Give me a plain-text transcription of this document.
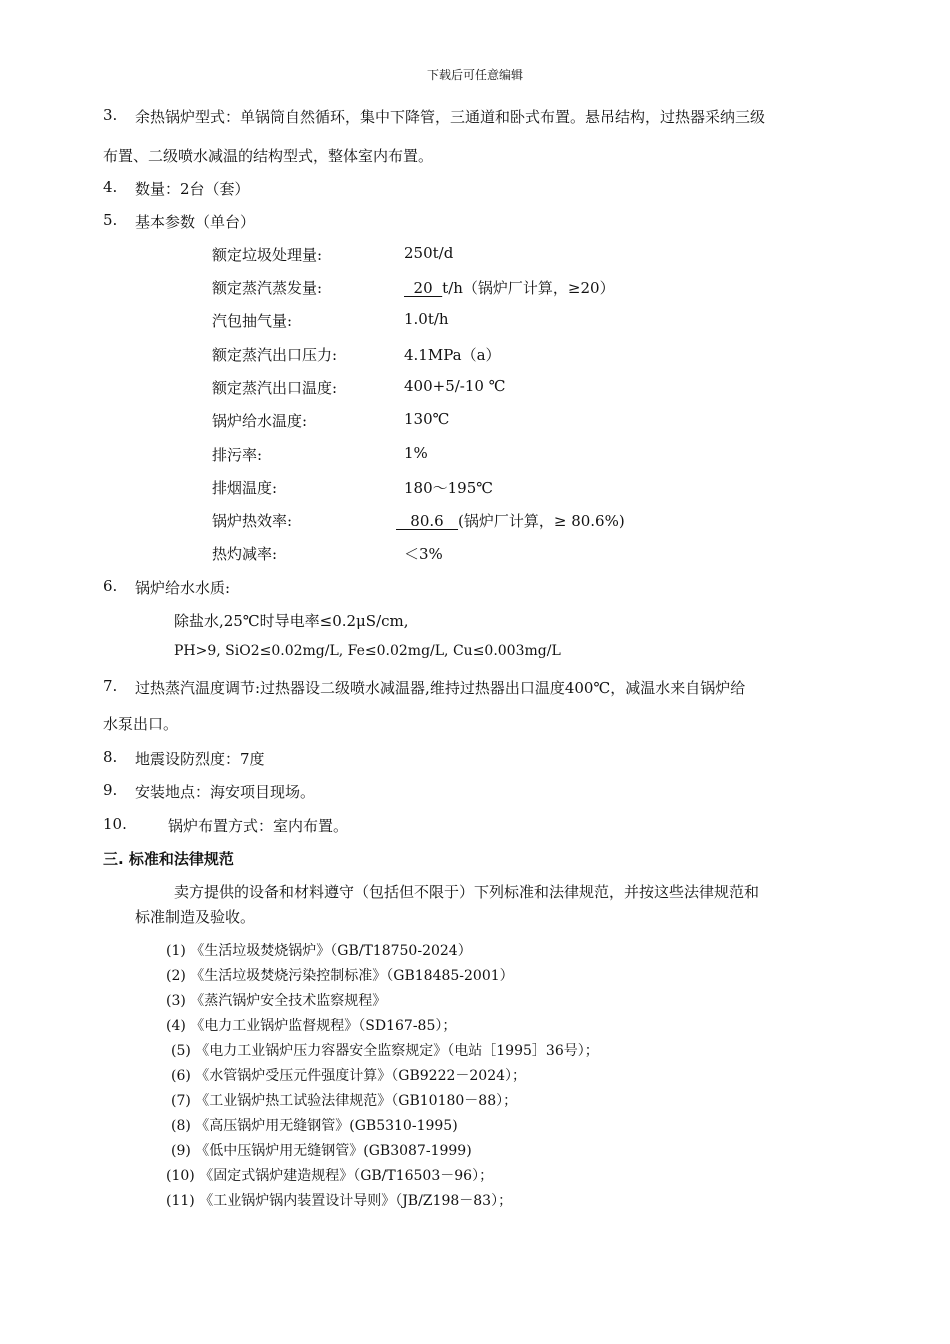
下载后可任意编辑
3. 余热锅炉型式：单锅筒自然循环，集中下降管，三通道和卧式布置。悬吊结构，过热器采纳三级
布置、二级喷水减温的结构型式，整体室内布置。
4. 数量：2台（套）
5. 基本参数（单台）
额定垃圾处理量:	250t/d
额定蒸汽蒸发量:	20  t/h（锅炉厂计算，≥20）
汽包抽气量:	1.0t/h
额定蒸汽出口压力:	4.1MPa（a）
额定蒸汽出口温度:	400+5/-10 ℃
锅炉给水温度:	130℃
排污率:	1%
排烟温度:	180～195℃
锅炉热效率:	80.6   (锅炉厂计算，≥ 80.6%)
热灼减率:	＜3%
6. 锅炉给水水质:
除盐水,25℃时导电率≤0.2μS/cm,
PH>9, SiO2≤0.02mg/L, Fe≤0.02mg/L, Cu≤0.003mg/L
7. 过热蒸汽温度调节:过热器设二级喷水减温器,维持过热器出口温度400℃，减温水来自锅炉给
水泵出口。
8. 地震设防烈度：7度
9. 安装地点：海安项目现场。
10.	锅炉布置方式：室内布置。
三. 标准和法律规范
卖方提供的设备和材料遵守（包括但不限于）下列标准和法律规范，并按这些法律规范和
标准制造及验收。
(1) 《生活垃圾焚烧锅炉》（GB/T18750-2024）
(2) 《生活垃圾焚烧污染控制标准》（GB18485-2001）
(3) 《蒸汽锅炉安全技术监察规程》
(4) 《电力工业锅炉监督规程》（SD167-85）；
(5) 《电力工业锅炉压力容器安全监察规定》（电站［1995］36号）；
(6) 《水管锅炉受压元件强度计算》（GB9222－2024）；
(7) 《工业锅炉热工试验法律规范》（GB10180－88）；
(8) 《高压锅炉用无缝钢管》(GB5310-1995)
(9) 《低中压锅炉用无缝钢管》(GB3087-1999)
(10) 《固定式锅炉建造规程》（GB/T16503－96）；
(11) 《工业锅炉锅内装置设计导则》（JB/Z198－83）；
